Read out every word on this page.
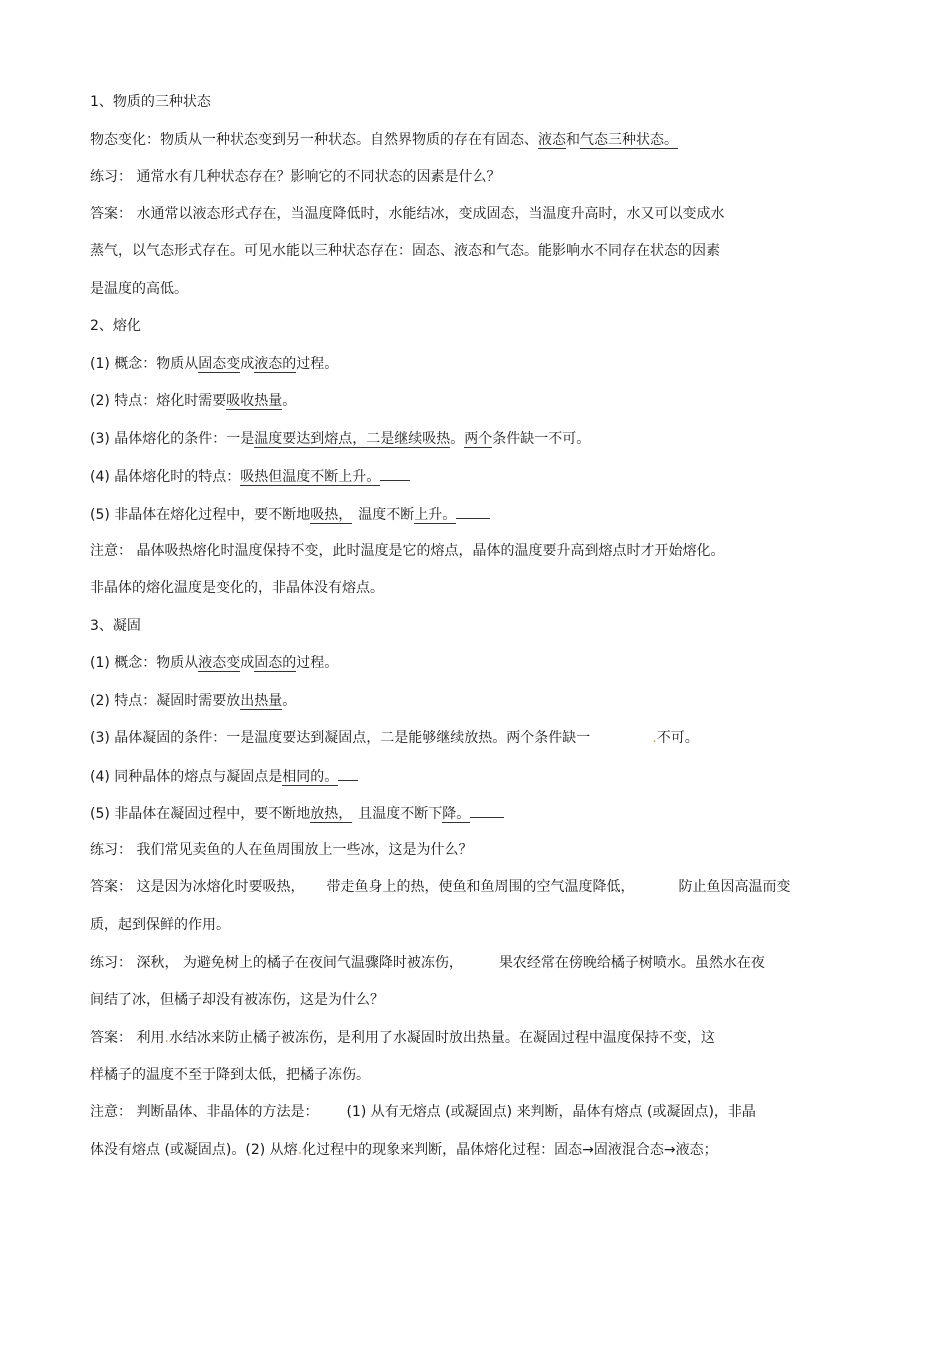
1、物质的三种状态
物态变化：物质从一种状态变到另一种状态。自然界物质的存在有固态、液态和气态三种状态。
练习： 通常水有几种状态存在？影响它的不同状态的因素是什么？
答案： 水通常以液态形式存在，当温度降低时，水能结冰，变成固态，当温度升高时，水又可以变成水
蒸气，以气态形式存在。可见水能以三种状态存在：固态、液态和气态。能影响水不同存在状态的因素
是温度的高低。
2、熔化
(1) 概念：物质从固态变成液态的过程。
(2) 特点：熔化时需要吸收热量。
(3) 晶体熔化的条件：一是温度要达到熔点，二是继续吸热。两个条件缺一不可。
(4) 晶体熔化时的特点：吸热但温度不断上升。
(5) 非晶体在熔化过程中，要不断地吸热， 温度不断上升。
注意： 晶体吸热熔化时温度保持不变，此时温度是它的熔点，晶体的温度要升高到熔点时才开始熔化。
非晶体的熔化温度是变化的，非晶体没有熔点。
3、凝固
(1) 概念：物质从液态变成固态的过程。
(2) 特点：凝固时需要放出热量。
(3) 晶体凝固的条件：一是温度要达到凝固点，二是能够继续放热。两个条件缺一	.不可。
(4) 同种晶体的熔点与凝固点是相同的。
(5) 非晶体在凝固过程中，要不断地放热， 且温度不断下降。
练习： 我们常见卖鱼的人在鱼周围放上一些冰，这是为什么？
答案： 这是因为冰熔化时要吸热， 带走鱼身上的热，使鱼和鱼周围的空气温度降低，	防止鱼因高温而变
质，起到保鲜的作用。
练习： 深秋， 为避免树上的橘子在夜间气温骤降时被冻伤，	果农经常在傍晚给橘子树喷水。虽然水在夜
间结了冰，但橘子却没有被冻伤，这是为什么？
答案： 利用.水结冰来防止橘子被冻伤，是利用了水凝固时放出热量。在凝固过程中温度保持不变，这
样橘子的温度不至于降到太低，把橘子冻伤。
注意： 判断晶体、非晶体的方法是： (1) 从有无熔点 (或凝固点) 来判断，晶体有熔点 (或凝固点)，非晶
体没有熔点 (或凝固点)。(2) 从熔.化过程中的现象来判断，晶体熔化过程：固态→固液混合态→液态；
